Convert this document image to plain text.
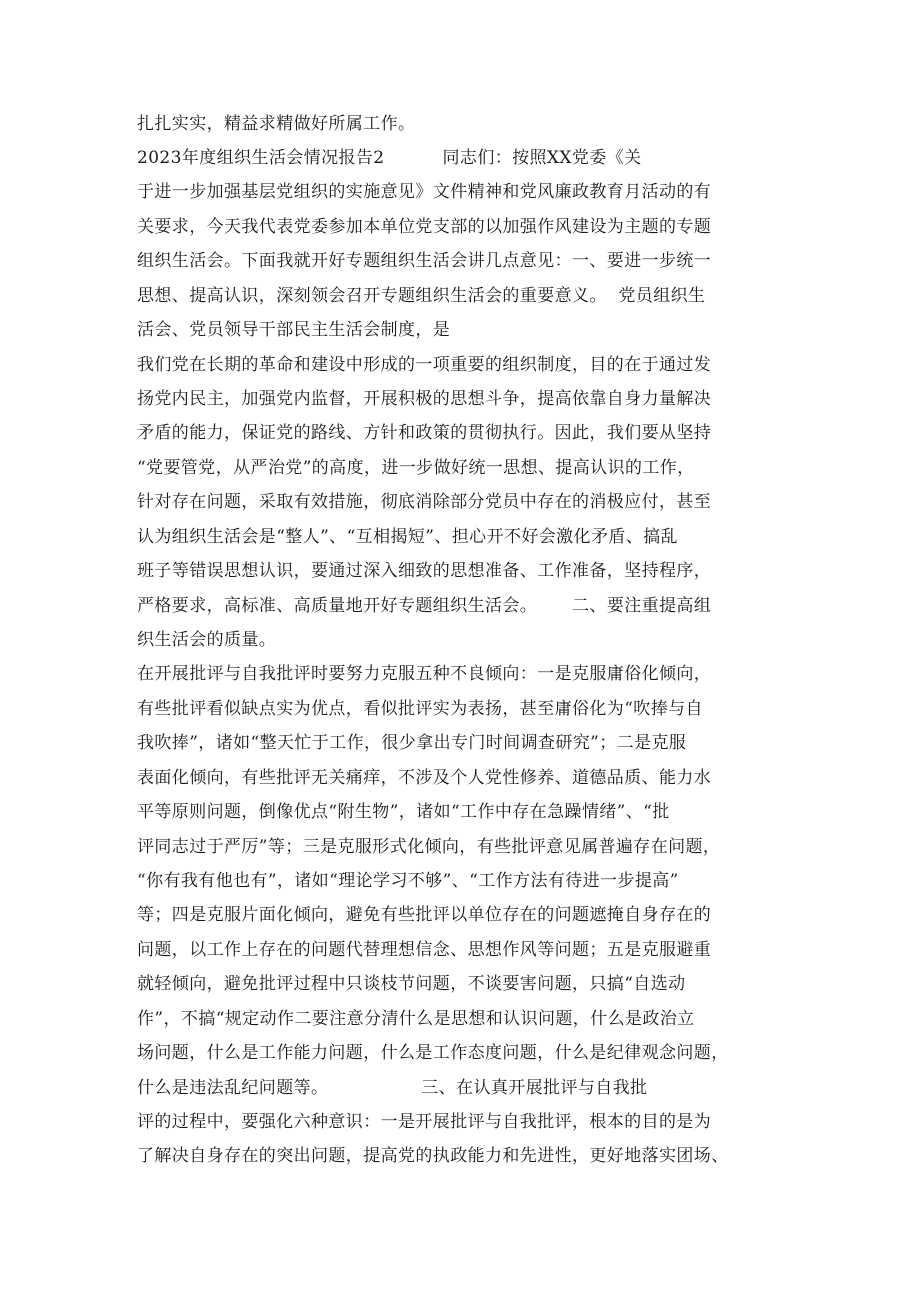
扎扎实实，精益求精做好所属工作。
2023年度组织生活会情况报告2          同志们：按照XX党委《关
于进一步加强基层党组织的实施意见》文件精神和党风廉政教育月活动的有
关要求，今天我代表党委参加本单位党支部的以加强作风建设为主题的专题
组织生活会。下面我就开好专题组织生活会讲几点意见：一、要进一步统一
思想、提高认识，深刻领会召开专题组织生活会的重要意义。  党员组织生
活会、党员领导干部民主生活会制度，是
我们党在长期的革命和建设中形成的一项重要的组织制度，目的在于通过发
扬党内民主，加强党内监督，开展积极的思想斗争，提高依靠自身力量解决
矛盾的能力，保证党的路线、方针和政策的贯彻执行。因此，我们要从坚持
“党要管党，从严治党”的高度，进一步做好统一思想、提高认识的工作，
针对存在问题，采取有效措施，彻底消除部分党员中存在的消极应付，甚至
认为组织生活会是“整人”、“互相揭短”、担心开不好会激化矛盾、搞乱
班子等错误思想认识，要通过深入细致的思想准备、工作准备，坚持程序，
严格要求，高标准、高质量地开好专题组织生活会。      二、要注重提高组
织生活会的质量。
在开展批评与自我批评时要努力克服五种不良倾向：一是克服庸俗化倾向，
有些批评看似缺点实为优点，看似批评实为表扬，甚至庸俗化为“吹捧与自
我吹捧”，诸如“整天忙于工作，很少拿出专门时间调查研究”；二是克服
表面化倾向，有些批评无关痛痒，不涉及个人党性修养、道德品质、能力水
平等原则问题，倒像优点“附生物”，诸如“工作中存在急躁情绪”、“批
评同志过于严厉”等；三是克服形式化倾向，有些批评意见属普遍存在问题，
“你有我有他也有”，诸如“理论学习不够”、“工作方法有待进一步提高”
等；四是克服片面化倾向，避免有些批评以单位存在的问题遮掩自身存在的
问题，以工作上存在的问题代替理想信念、思想作风等问题；五是克服避重
就轻倾向，避免批评过程中只谈枝节问题，不谈要害问题，只搞“自选动
作”，不搞“规定动作二要注意分清什么是思想和认识问题，什么是政治立
场问题，什么是工作能力问题，什么是工作态度问题，什么是纪律观念问题，
什么是违法乱纪问题等。                三、在认真开展批评与自我批
评的过程中，要强化六种意识：一是开展批评与自我批评，根本的目的是为
了解决自身存在的突出问题，提高党的执政能力和先进性，更好地落实团场、
